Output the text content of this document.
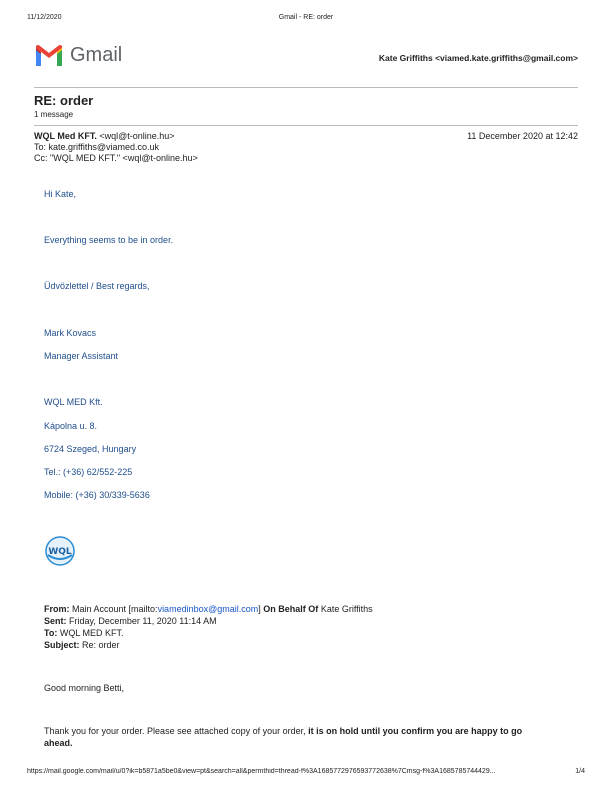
11/12/2020	Gmail - RE: order
Gmail	Kate Griffiths <viamed.kate.griffiths@gmail.com>
RE: order
1 message
WQL Med KFT. <wql@t-online.hu>	11 December 2020 at 12:42
To: kate.griffiths@viamed.co.uk
Cc: "WQL MED KFT." <wql@t-online.hu>
Hi Kate,
Everything seems to be in order.
Üdvözlettel / Best regards,
Mark Kovacs
Manager Assistant
WQL MED Kft.
Kápolna u. 8.
6724 Szeged, Hungary
Tel.: (+36) 62/552-225
Mobile: (+36) 30/339-5636
WQL
From: Main Account [mailto:viamedinbox@gmail.com] On Behalf Of Kate Griffiths
Sent: Friday, December 11, 2020 11:14 AM
To: WQL MED KFT.
Subject: Re: order
Good morning Betti,
Thank you for your order. Please see attached copy of your order, it is on hold until you confirm you are happy to go
ahead.
https://mail.google.com/mail/u/0?ik=b5871a5be0&view=pt&search=all&permthid=thread-f%3A1685772976593772638%7Cmsg-f%3A1685785744429...	1/4
